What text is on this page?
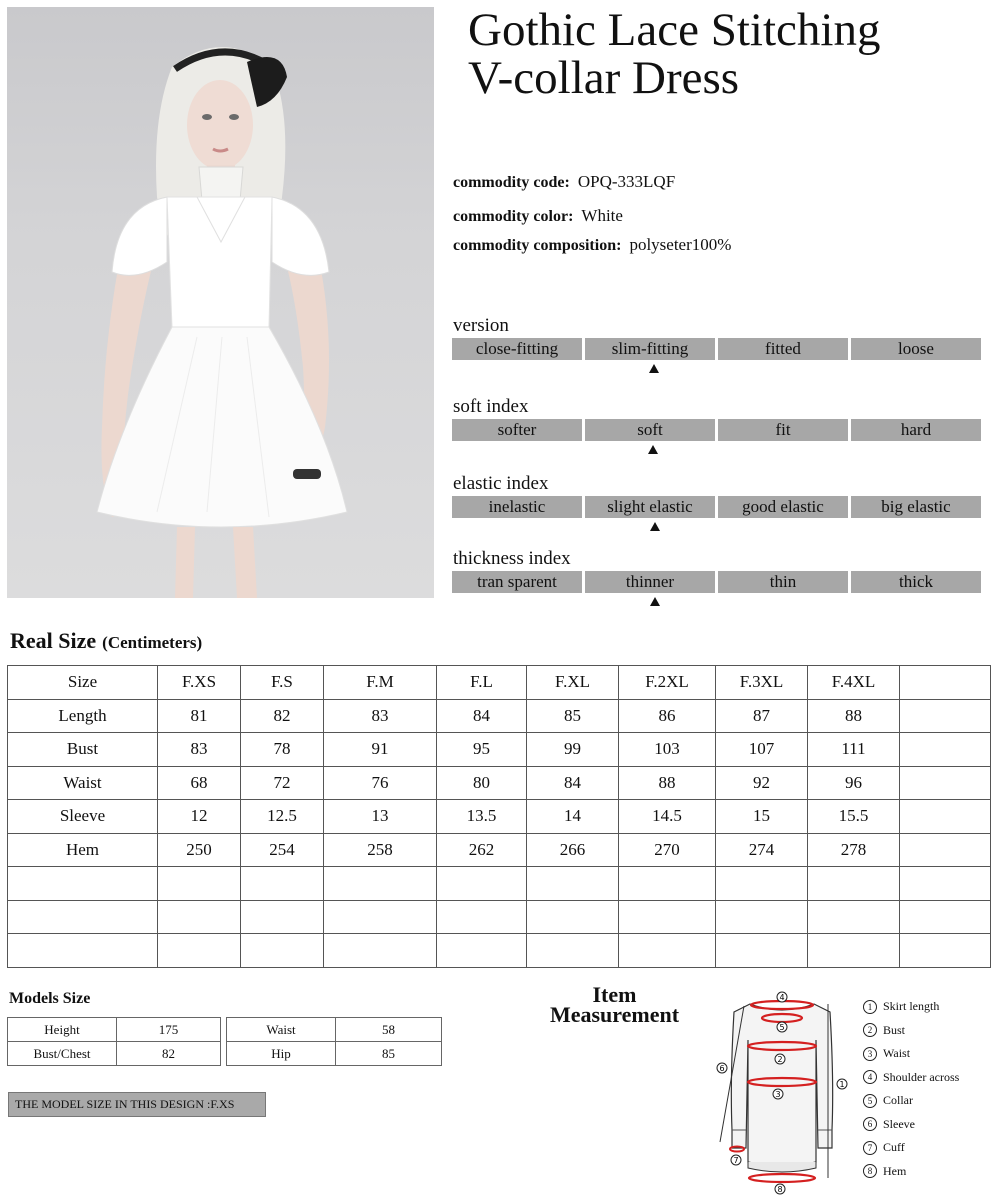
Gothic Lace Stitching
V-collar Dress
commodity code: OPQ-333LQF
commodity color: White
commodity composition: polyseter100%
version
close-fitting	slim-fitting	fitted	loose
soft index
softer	soft	fit	hard
elastic index
inelastic	slight elastic	good elastic	big elastic
thickness index
tran sparent	thinner	thin	thick
Real Size (Centimeters)
Size	F.XS	F.S	F.M	F.L	F.XL	F.2XL	F.3XL	F.4XL	
Length	81	82	83	84	85	86	87	88	
Bust	83	78	91	95	99	103	107	111	
Waist	68	72	76	80	84	88	92	96	
Sleeve	12	12.5	13	13.5	14	14.5	15	15.5	
Hem	250	254	258	262	266	270	274	278	

Models Size
Height	175
Bust/Chest	82
Waist	58
Hip	85
THE MODEL SIZE IN THIS DESIGN :F.XS
Item
Measurement
4
5
2
3
1
6
7
8
1 Skirt length
2 Bust
3 Waist
4 Shoulder across
5 Collar
6 Sleeve
7 Cuff
8 Hem
